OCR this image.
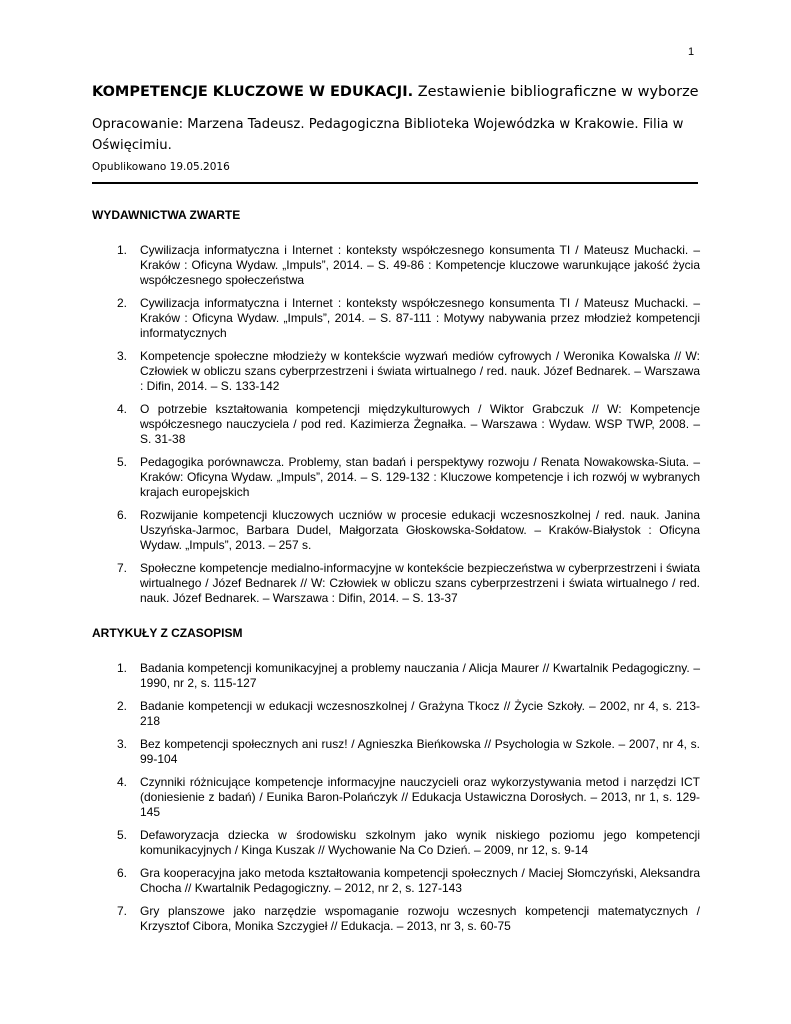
1
KOMPETENCJE KLUCZOWE W EDUKACJI. Zestawienie bibliograficzne w wyborze
Opracowanie: Marzena Tadeusz. Pedagogiczna Biblioteka Wojewódzka w Krakowie. Filia w Oświęcimiu.
Opublikowano 19.05.2016
WYDAWNICTWA ZWARTE
1. Cywilizacja informatyczna i Internet : konteksty współczesnego konsumenta TI / Mateusz Muchacki. – Kraków : Oficyna Wydaw. „Impuls”, 2014. – S. 49-86 : Kompetencje kluczowe warunkujące jakość życia współczesnego społeczeństwa
2. Cywilizacja informatyczna i Internet : konteksty współczesnego konsumenta TI / Mateusz Muchacki. – Kraków : Oficyna Wydaw. „Impuls”, 2014. – S. 87-111 : Motywy nabywania przez młodzież kompetencji informatycznych
3. Kompetencje społeczne młodzieży w kontekście wyzwań mediów cyfrowych / Weronika Kowalska // W: Człowiek w obliczu szans cyberprzestrzeni i świata wirtualnego / red. nauk. Józef Bednarek. – Warszawa : Difin, 2014. – S. 133-142
4. O potrzebie kształtowania kompetencji międzykulturowych / Wiktor Grabczuk // W: Kompetencje współczesnego nauczyciela / pod red. Kazimierza Żegnałka. – Warszawa : Wydaw. WSP TWP, 2008. – S. 31-38
5. Pedagogika porównawcza. Problemy, stan badań i perspektywy rozwoju / Renata Nowakowska-Siuta. – Kraków: Oficyna Wydaw. „Impuls”, 2014. – S. 129-132 : Kluczowe kompetencje i ich rozwój w wybranych krajach europejskich
6. Rozwijanie kompetencji kluczowych uczniów w procesie edukacji wczesnoszkolnej / red. nauk. Janina Uszyńska-Jarmoc, Barbara Dudel, Małgorzata Głoskowska-Sołdatow. – Kraków-Białystok : Oficyna Wydaw. „Impuls”, 2013. – 257 s.
7. Społeczne kompetencje medialno-informacyjne w kontekście bezpieczeństwa w cyberprzestrzeni i świata wirtualnego / Józef Bednarek // W: Człowiek w obliczu szans cyberprzestrzeni i świata wirtualnego / red. nauk. Józef Bednarek. – Warszawa : Difin, 2014. – S. 13-37
ARTYKUŁY Z CZASOPISM
1. Badania kompetencji komunikacyjnej a problemy nauczania / Alicja Maurer // Kwartalnik Pedagogiczny. – 1990, nr 2, s. 115-127
2. Badanie kompetencji w edukacji wczesnoszkolnej / Grażyna Tkocz // Życie Szkoły. – 2002, nr 4, s. 213-218
3. Bez kompetencji społecznych ani rusz! / Agnieszka Bieńkowska // Psychologia w Szkole. – 2007, nr 4, s. 99-104
4. Czynniki różnicujące kompetencje informacyjne nauczycieli oraz wykorzystywania metod i narzędzi ICT (doniesienie z badań) / Eunika Baron-Polańczyk // Edukacja Ustawiczna Dorosłych. – 2013, nr 1, s. 129-145
5. Defaworyzacja dziecka w środowisku szkolnym jako wynik niskiego poziomu jego kompetencji komunikacyjnych / Kinga Kuszak // Wychowanie Na Co Dzień. – 2009, nr 12, s. 9-14
6. Gra kooperacyjna jako metoda kształtowania kompetencji społecznych / Maciej Słomczyński, Aleksandra Chocha // Kwartalnik Pedagogiczny. – 2012, nr 2, s. 127-143
7. Gry planszowe jako narzędzie wspomaganie rozwoju wczesnych kompetencji matematycznych / Krzysztof Cibora, Monika Szczygieł // Edukacja. – 2013, nr 3, s. 60-75
